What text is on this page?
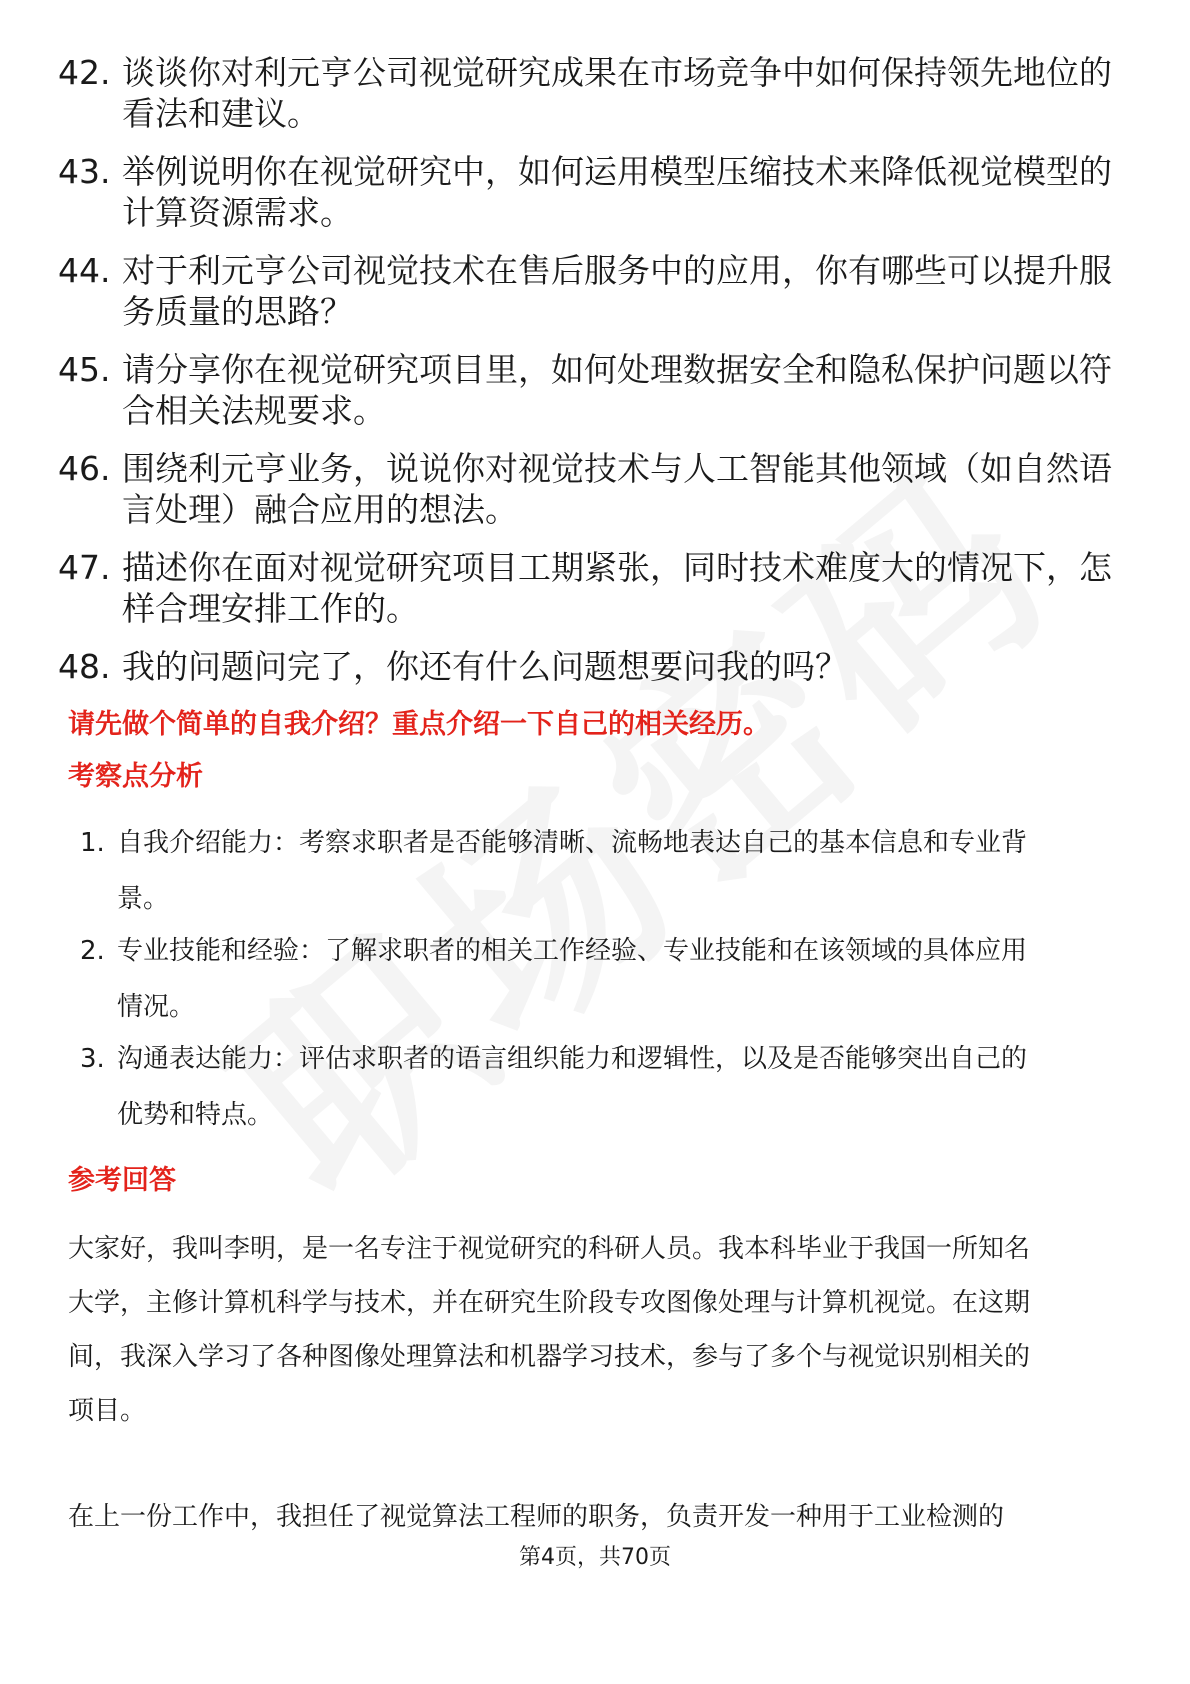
42. 谈谈你对利元亨公司视觉研究成果在市场竞争中如何保持领先地位的看法和建议。
43. 举例说明你在视觉研究中，如何运用模型压缩技术来降低视觉模型的计算资源需求。
44. 对于利元亨公司视觉技术在售后服务中的应用，你有哪些可以提升服务质量的思路？
45. 请分享你在视觉研究项目里，如何处理数据安全和隐私保护问题以符合相关法规要求。
46. 围绕利元亨业务，说说你对视觉技术与人工智能其他领域（如自然语言处理）融合应用的想法。
47. 描述你在面对视觉研究项目工期紧张，同时技术难度大的情况下，怎样合理安排工作的。
48. 我的问题问完了，你还有什么问题想要问我的吗？
请先做个简单的自我介绍？重点介绍一下自己的相关经历。
考察点分析
1. 自我介绍能力：考察求职者是否能够清晰、流畅地表达自己的基本信息和专业背景。
2. 专业技能和经验：了解求职者的相关工作经验、专业技能和在该领域的具体应用情况。
3. 沟通表达能力：评估求职者的语言组织能力和逻辑性，以及是否能够突出自己的优势和特点。
参考回答

大家好，我叫李明，是一名专注于视觉研究的科研人员。我本科毕业于我国一所知名大学，主修计算机科学与技术，并在研究生阶段专攻图像处理与计算机视觉。在这期间，我深入学习了各种图像处理算法和机器学习技术，参与了多个与视觉识别相关的项目。

在上一份工作中，我担任了视觉算法工程师的职务，负责开发一种用于工业检测的

第4页，共70页
